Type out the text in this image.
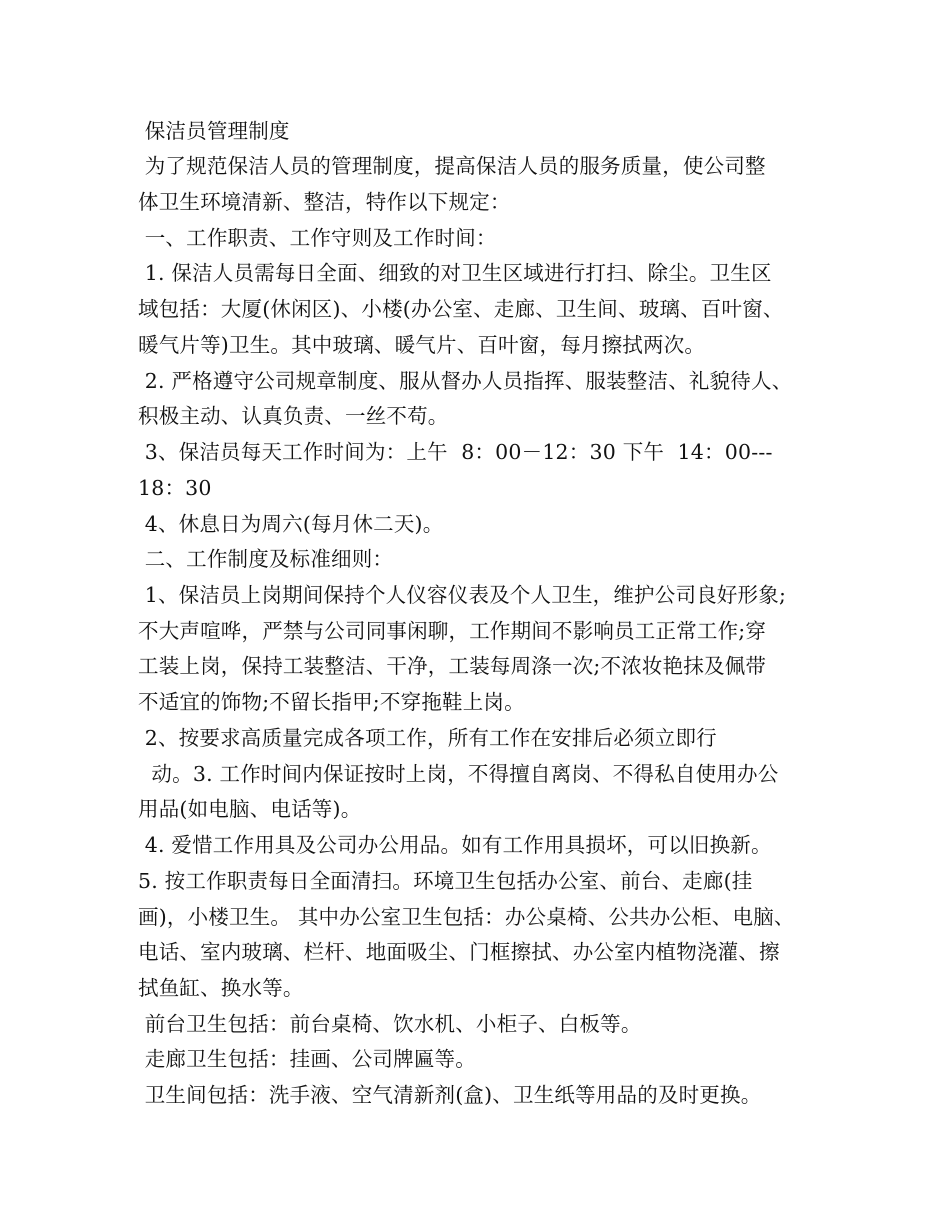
保洁员管理制度
为了规范保洁人员的管理制度，提高保洁人员的服务质量，使公司整
体卫生环境清新、整洁，特作以下规定：
一、工作职责、工作守则及工作时间：
1. 保洁人员需每日全面、细致的对卫生区域进行打扫、除尘。卫生区
域包括：大厦(休闲区)、小楼(办公室、走廊、卫生间、玻璃、百叶窗、
暖气片等)卫生。其中玻璃、暖气片、百叶窗，每月擦拭两次。
2. 严格遵守公司规章制度、服从督办人员指挥、服装整洁、礼貌待人、
积极主动、认真负责、一丝不苟。
3、保洁员每天工作时间为：上午  8：00－12：30 下午  14：00---
18：30
4、休息日为周六(每月休二天)。
二、工作制度及标准细则：
1、保洁员上岗期间保持个人仪容仪表及个人卫生，维护公司良好形象;
不大声喧哗，严禁与公司同事闲聊，工作期间不影响员工正常工作;穿
工装上岗，保持工装整洁、干净，工装每周涤一次;不浓妆艳抹及佩带
不适宜的饰物;不留长指甲;不穿拖鞋上岗。
2、按要求高质量完成各项工作，所有工作在安排后必须立即行
动。3. 工作时间内保证按时上岗，不得擅自离岗、不得私自使用办公
用品(如电脑、电话等)。
4. 爱惜工作用具及公司办公用品。如有工作用具损坏，可以旧换新。
5. 按工作职责每日全面清扫。环境卫生包括办公室、前台、走廊(挂
画)，小楼卫生。 其中办公室卫生包括：办公桌椅、公共办公柜、电脑、
电话、室内玻璃、栏杆、地面吸尘、门框擦拭、办公室内植物浇灌、擦
拭鱼缸、换水等。
前台卫生包括：前台桌椅、饮水机、小柜子、白板等。
走廊卫生包括：挂画、公司牌匾等。
卫生间包括：洗手液、空气清新剂(盒)、卫生纸等用品的及时更换。
